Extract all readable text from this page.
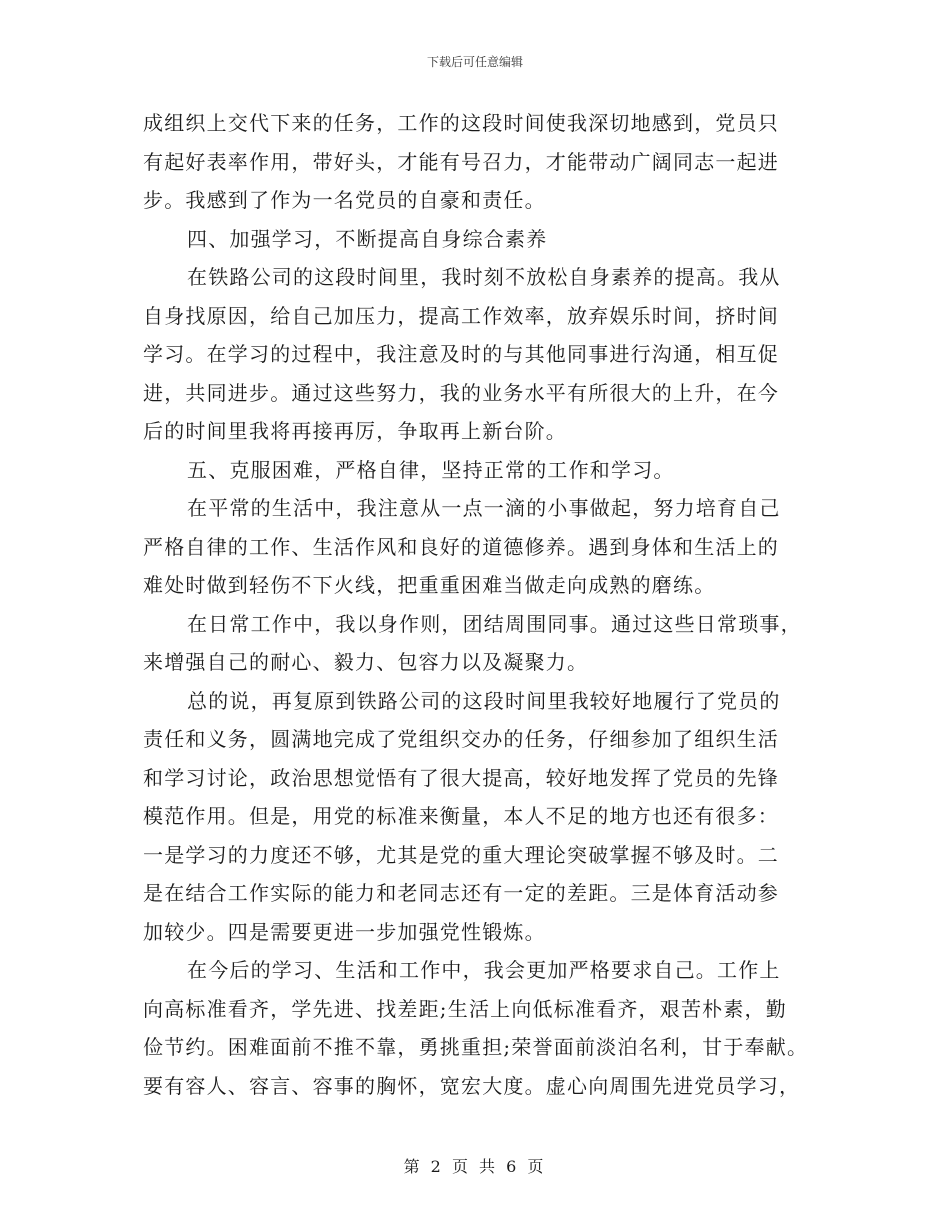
下载后可任意编辑
成组织上交代下来的任务，工作的这段时间使我深切地感到，党员只
有起好表率作用，带好头，才能有号召力，才能带动广阔同志一起进
步。我感到了作为一名党员的自豪和责任。
四、加强学习，不断提高自身综合素养
在铁路公司的这段时间里，我时刻不放松自身素养的提高。我从
自身找原因，给自己加压力，提高工作效率，放弃娱乐时间，挤时间
学习。在学习的过程中，我注意及时的与其他同事进行沟通，相互促
进，共同进步。通过这些努力，我的业务水平有所很大的上升，在今
后的时间里我将再接再厉，争取再上新台阶。
五、克服困难，严格自律，坚持正常的工作和学习。
在平常的生活中，我注意从一点一滴的小事做起，努力培育自己
严格自律的工作、生活作风和良好的道德修养。遇到身体和生活上的
难处时做到轻伤不下火线，把重重困难当做走向成熟的磨练。
在日常工作中，我以身作则，团结周围同事。通过这些日常琐事，
来增强自己的耐心、毅力、包容力以及凝聚力。
总的说，再复原到铁路公司的这段时间里我较好地履行了党员的
责任和义务，圆满地完成了党组织交办的任务，仔细参加了组织生活
和学习讨论，政治思想觉悟有了很大提高，较好地发挥了党员的先锋
模范作用。但是，用党的标准来衡量，本人不足的地方也还有很多：
一是学习的力度还不够，尤其是党的重大理论突破掌握不够及时。二
是在结合工作实际的能力和老同志还有一定的差距。三是体育活动参
加较少。四是需要更进一步加强党性锻炼。
在今后的学习、生活和工作中，我会更加严格要求自己。工作上
向高标准看齐，学先进、找差距;生活上向低标准看齐，艰苦朴素，勤
俭节约。困难面前不推不靠，勇挑重担;荣誉面前淡泊名利，甘于奉献。
要有容人、容言、容事的胸怀，宽宏大度。虚心向周围先进党员学习，
第 2 页 共 6 页
